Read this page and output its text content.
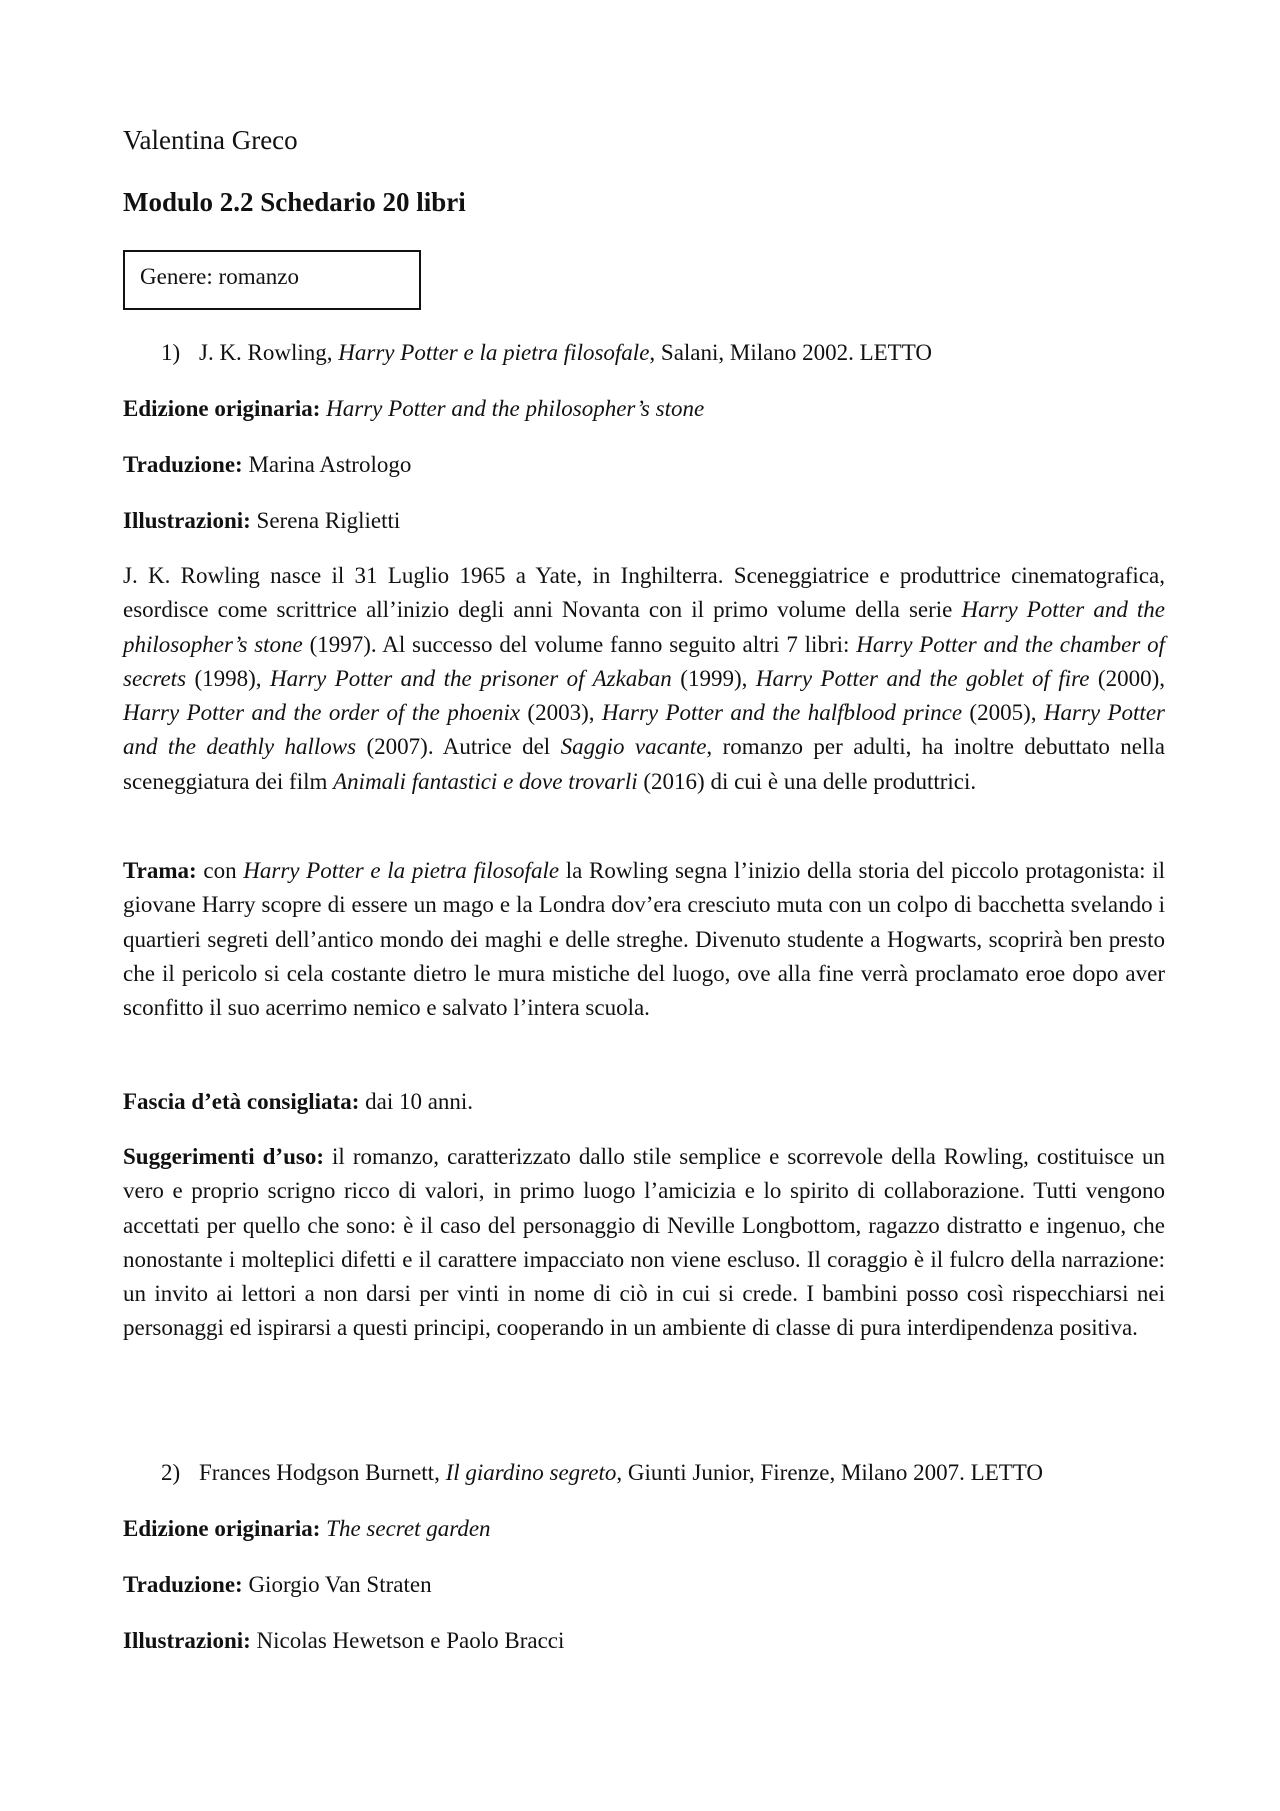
Valentina Greco
Modulo 2.2 Schedario 20 libri
Genere: romanzo
1) J. K. Rowling, Harry Potter e la pietra filosofale, Salani, Milano 2002. LETTO
Edizione originaria: Harry Potter and the philosopher’s stone
Traduzione: Marina Astrologo
Illustrazioni: Serena Riglietti

J. K. Rowling nasce il 31 Luglio 1965 a Yate, in Inghilterra. Sceneggiatrice e produttrice cinematografica, esordisce come scrittrice all’inizio degli anni Novanta con il primo volume della serie Harry Potter and the philosopher’s stone (1997). Al successo del volume fanno seguito altri 7 libri: Harry Potter and the chamber of secrets (1998), Harry Potter and the prisoner of Azkaban (1999), Harry Potter and the goblet of fire (2000), Harry Potter and the order of the phoenix (2003), Harry Potter and the halfblood prince (2005), Harry Potter and the deathly hallows (2007). Autrice del Saggio vacante, romanzo per adulti, ha inoltre debuttato nella sceneggiatura dei film Animali fantastici e dove trovarli (2016) di cui è una delle produttrici.

Trama: con Harry Potter e la pietra filosofale la Rowling segna l’inizio della storia del piccolo protagonista: il giovane Harry scopre di essere un mago e la Londra dov’era cresciuto muta con un colpo di bacchetta svelando i quartieri segreti dell’antico mondo dei maghi e delle streghe. Divenuto studente a Hogwarts, scoprirà ben presto che il pericolo si cela costante dietro le mura mistiche del luogo, ove alla fine verrà proclamato eroe dopo aver sconfitto il suo acerrimo nemico e salvato l’intera scuola.

Fascia d’età consigliata: dai 10 anni.

Suggerimenti d’uso: il romanzo, caratterizzato dallo stile semplice e scorrevole della Rowling, costituisce un vero e proprio scrigno ricco di valori, in primo luogo l’amicizia e lo spirito di collaborazione. Tutti vengono accettati per quello che sono: è il caso del personaggio di Neville Longbottom, ragazzo distratto e ingenuo, che nonostante i molteplici difetti e il carattere impacciato non viene escluso. Il coraggio è il fulcro della narrazione: un invito ai lettori a non darsi per vinti in nome di ciò in cui si crede. I bambini posso così rispecchiarsi nei personaggi ed ispirarsi a questi principi, cooperando in un ambiente di classe di pura interdipendenza positiva.

2) Frances Hodgson Burnett, Il giardino segreto, Giunti Junior, Firenze, Milano 2007. LETTO
Edizione originaria: The secret garden
Traduzione: Giorgio Van Straten
Illustrazioni: Nicolas Hewetson e Paolo Bracci
